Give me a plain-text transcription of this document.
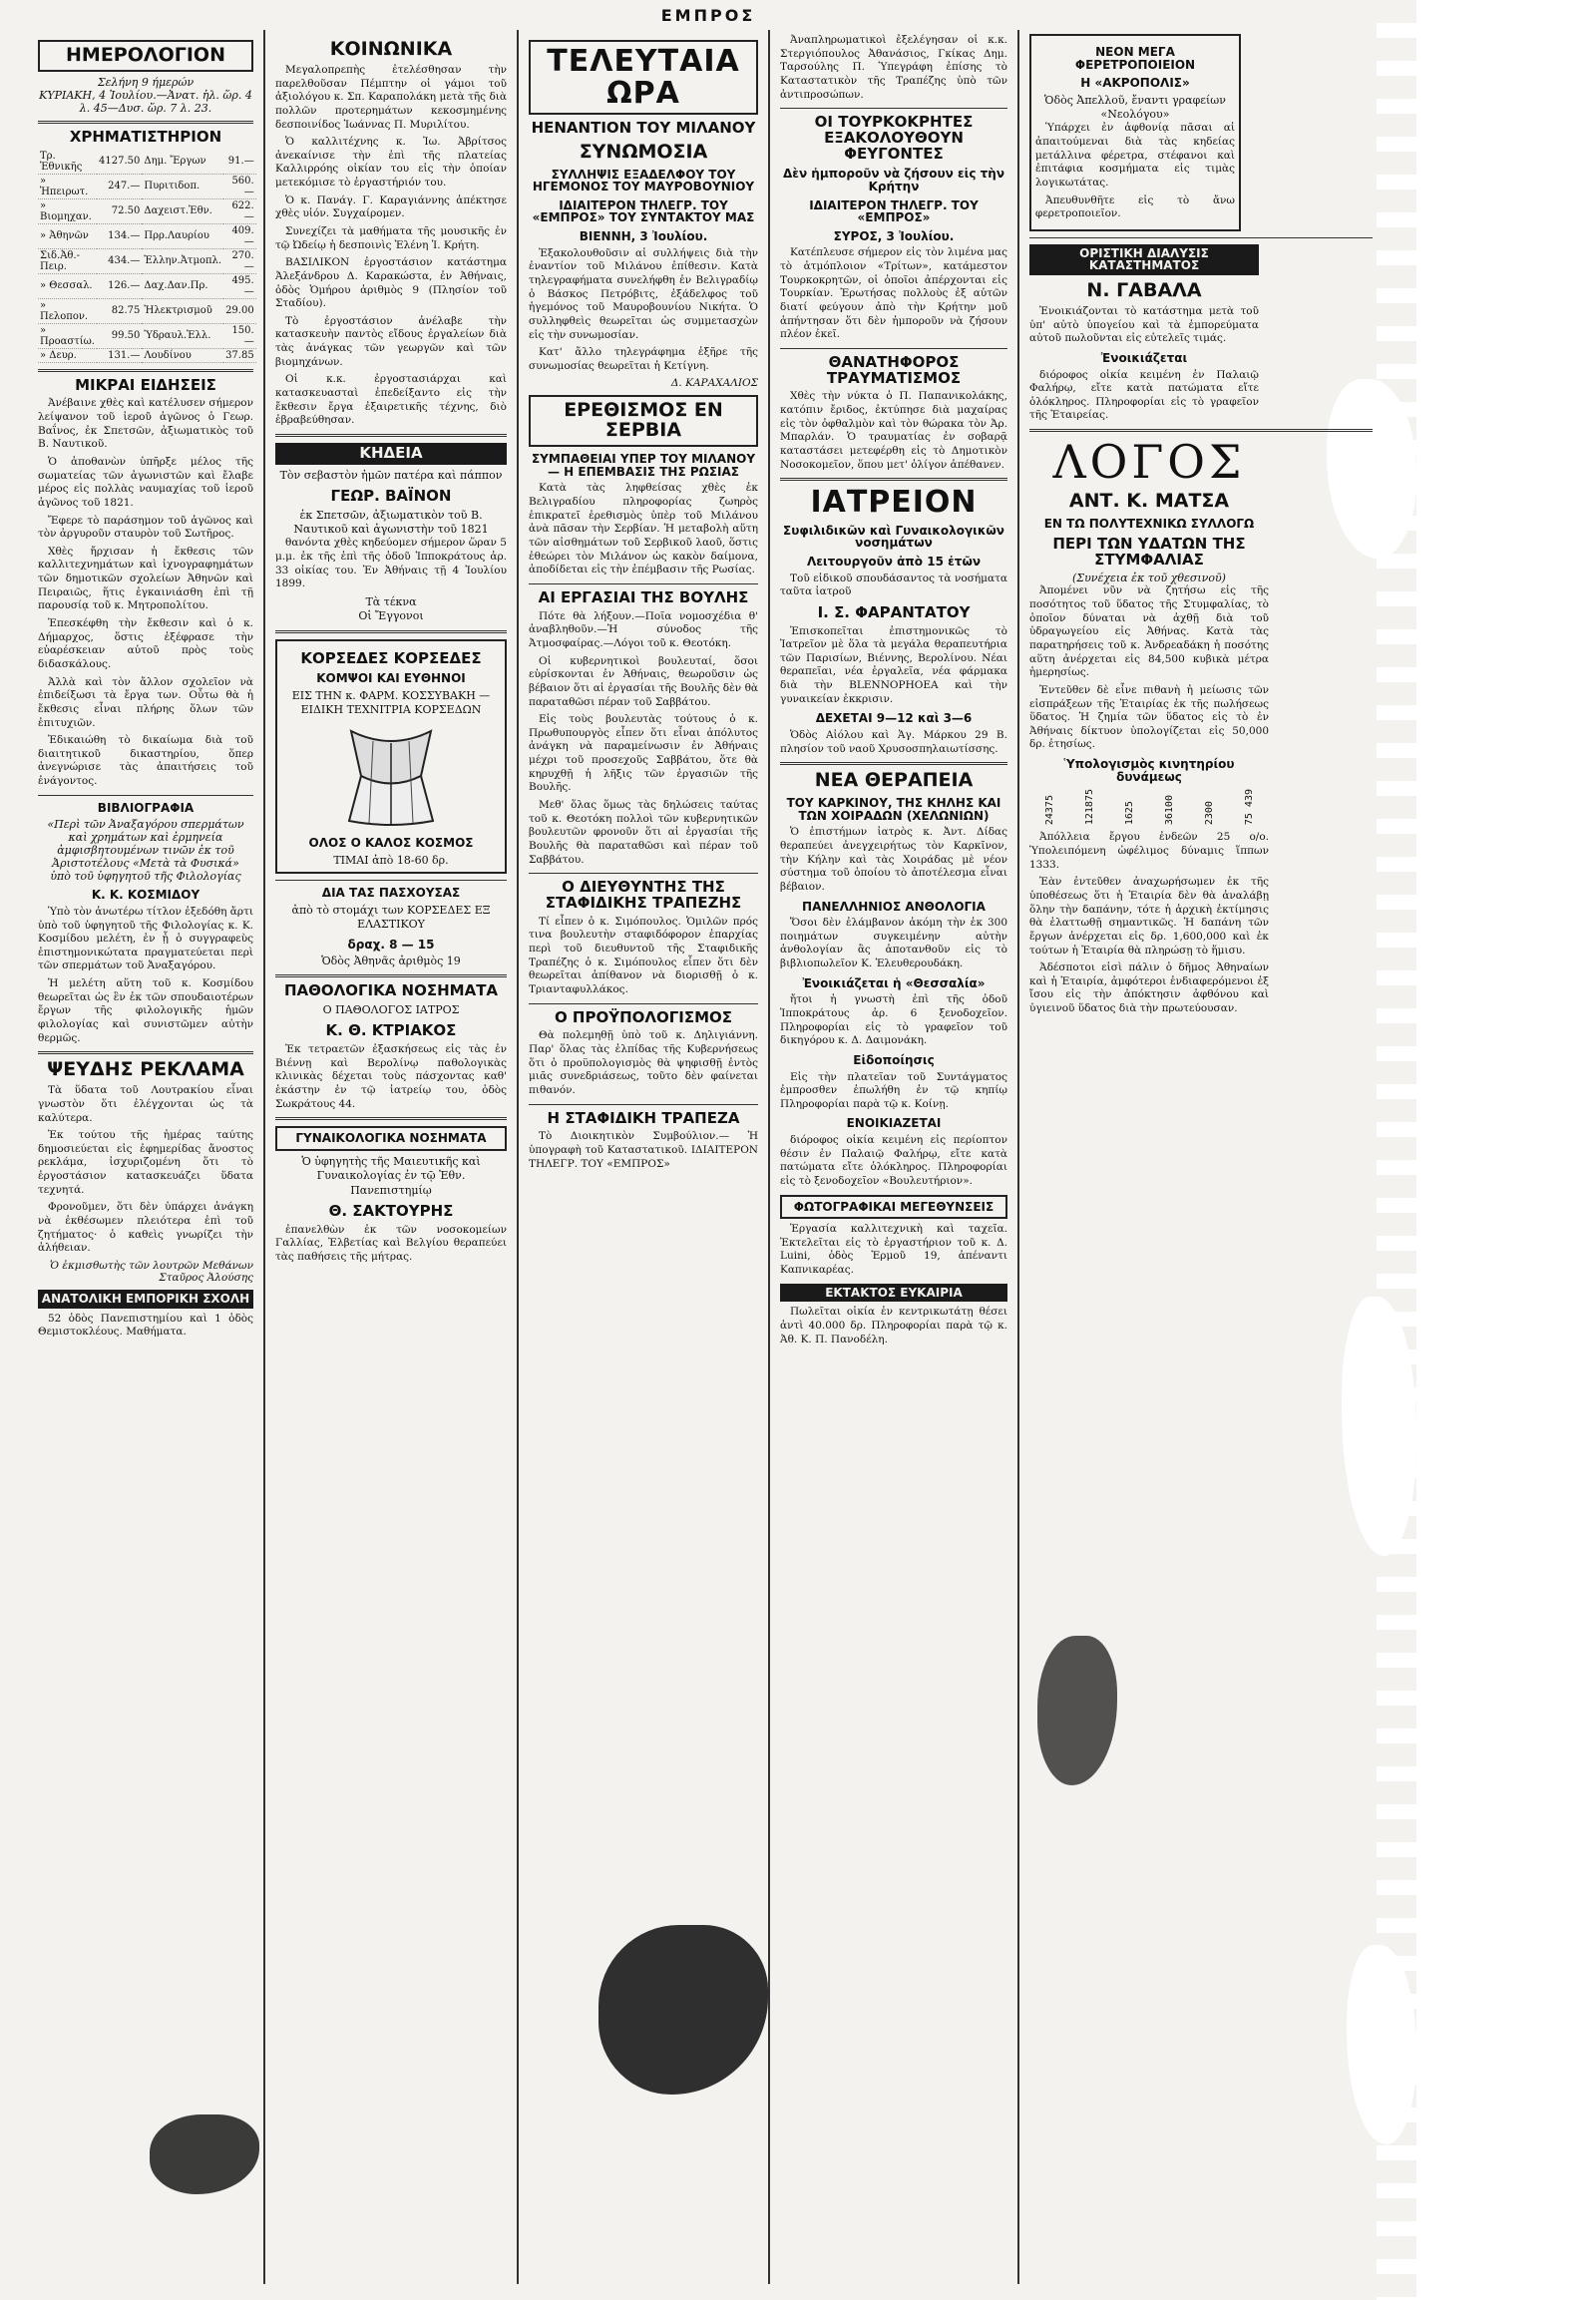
ΕΜΠΡΟΣ
ΗΜΕΡΟΛΟΓΙΟΝ
Σελήνη 9 ήμερών
ΚΥΡΙΑΚΗ, 4 Ἰουλίου.—Ἀνατ. ἡλ. ὥρ. 4 λ. 45—Δυσ. ὥρ. 7 λ. 23.
ΧΡΗΜΑΤΙΣΤΗΡΙΟΝ
Τρ. Ἐθνικῆς	4127.50	Δημ. Ἔργων	91.—
» Ἡπειρωτ.	247.—	Πυριτιδοπ.	560.—
» Βιομηχαν.	72.50	Δαχειστ.Ἐθν.	622.—
» Ἀθηνῶν	134.—	Πρρ.Λαυρίου	409.—
Σιδ.Ἀθ.-Πειρ.	434.—	Ἑλλην.Ἀτμοπλ.	270.—
» Θεσσαλ.	126.—	Δαχ.Δαν.Πρ.	495.—
» Πελοπον.	82.75	Ἠλεκτρισμοῦ	29.00
» Προαστίω.	99.50	Ὑδραυλ.Ἑλλ.	150.—
» Δευρ.	131.—	Λουδίνου	37.85
ΜΙΚΡΑΙ ΕΙΔΗΣΕΙΣ

Ἀνέβαινε χθὲς καὶ κατέλυσεν σήμερον λείψανον τοῦ ἱεροῦ ἀγῶνος ὁ Γεωρ. Βαΐνος, ἐκ Σπετσῶν, ἀξιωματικὸς τοῦ Β. Ναυτικοῦ.

Ὁ ἀποθανὼν ὑπῆρξε μέλος τῆς σωματείας τῶν ἀγωνιστῶν καὶ ἔλαβε μέρος εἰς πολλὰς ναυμαχίας τοῦ ἱεροῦ ἀγῶνος τοῦ 1821.

Ἔφερε τὸ παράσημον τοῦ ἀγῶνος καὶ τὸν ἀργυροῦν σταυρὸν τοῦ Σωτῆρος.

Χθὲς ἤρχισαν ἡ ἔκθεσις τῶν καλλιτεχνημάτων καὶ ἰχνογραφημάτων τῶν δημοτικῶν σχολείων Ἀθηνῶν καὶ Πειραιῶς, ἥτις ἐγκαινιάσθη ἐπὶ τῇ παρουσίᾳ τοῦ κ. Μητροπολίτου.

Ἐπεσκέφθη τὴν ἔκθεσιν καὶ ὁ κ. Δήμαρχος, ὅστις ἐξέφρασε τὴν εὐαρέσκειαν αὐτοῦ πρὸς τοὺς διδασκάλους.

Ἀλλὰ καὶ τὸν ἄλλον σχολεῖον νὰ ἐπιδείξωσι τὰ ἔργα των. Οὗτω θὰ ἡ ἔκθεσις εἶναι πλήρης ὅλων τῶν ἐπιτυχιῶν.

Ἐδικαιώθη τὸ δικαίωμα διὰ τοῦ διαιτητικοῦ δικαστηρίου, ὅπερ ἀνεγνώρισε τὰς ἀπαιτήσεις τοῦ ἐνάγοντος.

ΒΙΒΛΙΟΓΡΑΦΙΑ
«Περὶ τῶν Ἀναξαγόρου σπερμάτων καὶ χρημάτων καὶ ἑρμηνεία ἀμφισβητουμένων τινῶν ἐκ τοῦ Ἀριστοτέλους «Μετὰ τὰ Φυσικά»
ὑπὸ τοῦ ὑφηγητοῦ τῆς Φιλολογίας
Κ. Κ. ΚΟΣΜΙΔΟΥ

Ὑπὸ τὸν ἀνωτέρω τίτλον ἐξεδόθη ἄρτι ὑπὸ τοῦ ὑφηγητοῦ τῆς Φιλολογίας κ. Κ. Κοσμίδου μελέτη, ἐν ᾗ ὁ συγγραφεὺς ἐπιστημονικώτατα πραγματεύεται περὶ τῶν σπερμάτων τοῦ Ἀναξαγόρου.

Ἡ μελέτη αὕτη τοῦ κ. Κοσμίδου θεωρεῖται ὡς ἓν ἐκ τῶν σπουδαιοτέρων ἔργων τῆς φιλολογικῆς ἡμῶν φιλολογίας καὶ συνιστῶμεν αὐτὴν θερμῶς.

ΨΕΥΔΗΣ ΡΕΚΛΑΜΑ

Τὰ ὕδατα τοῦ Λουτρακίου εἶναι γνωστὸν ὅτι ἐλέγχονται ὡς τὰ καλύτερα.

Ἐκ τούτου τῆς ἡμέρας ταύτης δημοσιεύεται εἰς ἐφημερίδας ἄνοστος ρεκλάμα, ἰσχυριζομένη ὅτι τὸ ἐργοστάσιον κατασκευάζει ὕδατα τεχνητά.

Φρονοῦμεν, ὅτι δὲν ὑπάρχει ἀνάγκη νὰ ἐκθέσωμεν πλειότερα ἐπὶ τοῦ ζητήματος· ὁ καθεὶς γνωρίζει τὴν ἀλήθειαν.

Ὁ ἐκμισθωτὴς τῶν λουτρῶν Μεθάνων Σταῦρος Ἀλούσης
ΑΝΑΤΟΛΙΚΗ ΕΜΠΟΡΙΚΗ ΣΧΟΛΗ

52 ὁδὸς Πανεπιστημίου καὶ 1 ὁδὸς Θεμιστοκλέους. Μαθήματα.

ΚΟΙΝΩΝΙΚΑ

Μεγαλοπρεπὴς ἐτελέσθησαν τὴν παρελθοῦσαν Πέμπτην οἱ γάμοι τοῦ ἀξιολόγου κ. Σπ. Καραπολάκη μετὰ τῆς διὰ πολλῶν προτερημάτων κεκοσμημένης δεσποινίδος Ἰωάννας Π. Μυριλίτου.

Ὁ καλλιτέχνης κ. Ἰω. Ἀβρίτσος ἀνεκαίνισε τὴν ἐπὶ τῆς πλατείας Καλλιρρόης οἰκίαν του εἰς τὴν ὁποίαν μετεκόμισε τὸ ἐργαστήριόν του.

Ὁ κ. Πανάγ. Γ. Καραγιάννης ἀπέκτησε χθὲς υἱόν. Συγχαίρομεν.

Συνεχίζει τὰ μαθήματα τῆς μουσικῆς ἐν τῷ Ὠδείῳ ἡ δεσποινὶς Ἑλένη Ἰ. Κρήτη.

ΒΑΣΙΛΙΚΟΝ ἐργοστάσιον κατάστημα Ἀλεξάνδρου Δ. Καρακώστα, ἐν Ἀθήναις, ὁδὸς Ὁμήρου ἀριθμὸς 9 (Πλησίον τοῦ Σταδίου).

Τὸ ἐργοστάσιον ἀνέλαβε τὴν κατασκευὴν παντὸς εἴδους ἐργαλείων διὰ τὰς ἀνάγκας τῶν γεωργῶν καὶ τῶν βιομηχάνων.

Οἱ κ.κ. ἐργοστασιάρχαι καὶ κατασκευασταὶ ἐπεδείξαντο εἰς τὴν ἔκθεσιν ἔργα ἐξαιρετικῆς τέχνης, διὸ ἐβραβεύθησαν.

ΚΗΔΕΙΑ
Τὸν σεβαστὸν ἡμῶν πατέρα καὶ πάππον
ΓΕΩΡ. ΒΑΪΝΟΝ
ἐκ Σπετσῶν, ἀξιωματικὸν τοῦ Β. Ναυτικοῦ καὶ ἀγωνιστὴν τοῦ 1821

θανόντα χθὲς κηδεύομεν σήμερον ὥραν 5 μ.μ. ἐκ τῆς ἐπὶ τῆς ὁδοῦ Ἱπποκράτους ἀρ. 33 οἰκίας του. Ἐν Ἀθήναις τῇ 4 Ἰουλίου 1899.

Τὰ τέκνα
Οἱ Ἔγγονοι
ΚΟΡΣΕΔΕΣ ΚΟΡΣΕΔΕΣ
ΚΟΜΨΟΙ ΚΑΙ ΕΥΘΗΝΟΙ
ΕΙΣ ΤΗΝ κ. ΦΑΡΜ. ΚΟΣΣΥΒΑΚΗ — ΕΙΔΙΚΗ ΤΕΧΝΙΤΡΙΑ ΚΟΡΣΕΔΩΝ
ΟΛΟΣ Ο ΚΑΛΟΣ ΚΟΣΜΟΣ
ΤΙΜΑΙ ἀπὸ 18-60 δρ.
ΔΙΑ ΤΑΣ ΠΑΣΧΟΥΣΑΣ
ἀπὸ τὸ στομάχι των ΚΟΡΣΕΔΕΣ ΕΞ ΕΛΑΣΤΙΚΟΥ
δραχ. 8 — 15
Ὁδὸς Ἀθηνᾶς ἀριθμὸς 19
ΠΑΘΟΛΟΓΙΚΑ ΝΟΣΗΜΑΤΑ
Ο ΠΑΘΟΛΟΓΟΣ ΙΑΤΡΟΣ
Κ. Θ. ΚΤΡΙΑΚΟΣ

Ἐκ τετραετῶν ἐξασκήσεως εἰς τὰς ἐν Βιέννῃ καὶ Βερολίνῳ παθολογικὰς κλινικὰς δέχεται τοὺς πάσχοντας καθ' ἑκάστην ἐν τῷ ἰατρείῳ του, ὁδὸς Σωκράτους 44.

ΓΥΝΑΙΚΟΛΟΓΙΚΑ ΝΟΣΗΜΑΤΑ
Ὁ ὑφηγητὴς τῆς Μαιευτικῆς καὶ Γυναικολογίας ἐν τῷ Ἐθν. Πανεπιστημίῳ
Θ. ΣΑΚΤΟΥΡΗΣ

ἐπανελθὼν ἐκ τῶν νοσοκομείων Γαλλίας, Ἑλβετίας καὶ Βελγίου θεραπεύει τὰς παθήσεις τῆς μήτρας.

ΤΕΛΕΥΤΑΙΑ ΩΡΑ
ΗΕΝΑΝΤΙΟΝ ΤΟΥ ΜΙΛΑΝΟΥ
ΣΥΝΩΜΟΣΙΑ
ΣΥΛΛΗΨΙΣ ΕΞΑΔΕΛΦΟΥ ΤΟΥ ΗΓΕΜΟΝΟΣ ΤΟΥ ΜΑΥΡΟΒΟΥΝΙΟΥ
ΙΔΙΑΙΤΕΡΟΝ ΤΗΛΕΓΡ. ΤΟΥ «ΕΜΠΡΟΣ» ΤΟΥ ΣΥΝΤΑΚΤΟΥ ΜΑΣ
ΒΙΕΝΝΗ, 3 Ἰουλίου.

Ἐξακολουθοῦσιν αἱ συλλήψεις διὰ τὴν ἐναντίον τοῦ Μιλάνου ἐπίθεσιν. Κατὰ τηλεγραφήματα συνελήφθη ἐν Βελιγραδίῳ ὁ Βάσκος Πετρόβιτς, ἐξάδελφος τοῦ ἡγεμόνος τοῦ Μαυροβουνίου Νικήτα. Ὁ συλληφθεὶς θεωρεῖται ὡς συμμετασχὼν εἰς τὴν συνωμοσίαν.

Κατ' ἄλλο τηλεγράφημα ἐξῆρε τῆς συνωμοσίας θεωρεῖται ἡ Κετίγνη.

Δ. ΚΑΡΑΧΑΛΙΟΣ
ΕΡΕΘΙΣΜΟΣ ΕΝ ΣΕΡΒΙΑ
ΣΥΜΠΑΘΕΙΑΙ ΥΠΕΡ ΤΟΥ ΜΙΛΑΝΟΥ — Η ΕΠΕΜΒΑΣΙΣ ΤΗΣ ΡΩΣΙΑΣ

Κατὰ τὰς ληφθείσας χθὲς ἐκ Βελιγραδίου πληροφορίας ζωηρὸς ἐπικρατεῖ ἐρεθισμὸς ὑπὲρ τοῦ Μιλάνου ἀνὰ πᾶσαν τὴν Σερβίαν. Ἡ μεταβολὴ αὕτη τῶν αἰσθημάτων τοῦ Σερβικοῦ λαοῦ, ὅστις ἐθεώρει τὸν Μιλάνον ὡς κακὸν δαίμονα, ἀποδίδεται εἰς τὴν ἐπέμβασιν τῆς Ρωσίας.

ΑΙ ΕΡΓΑΣΙΑΙ ΤΗΣ ΒΟΥΛΗΣ

Πότε θὰ λήξουν.—Ποῖα νομοσχέδια θ' ἀναβληθοῦν.—Ἡ σύνοδος τῆς Ἀτμοσφαίρας.—Λόγοι τοῦ κ. Θεοτόκη.

Οἱ κυβερνητικοὶ βουλευταί, ὅσοι εὑρίσκονται ἐν Ἀθήναις, θεωροῦσιν ὡς βέβαιον ὅτι αἱ ἐργασίαι τῆς Βουλῆς δὲν θὰ παραταθῶσι πέραν τοῦ Σαββάτου.

Εἰς τοὺς βουλευτὰς τούτους ὁ κ. Πρωθυπουργὸς εἶπεν ὅτι εἶναι ἀπόλυτος ἀνάγκη νὰ παραμείνωσιν ἐν Ἀθήναις μέχρι τοῦ προσεχοῦς Σαββάτου, ὅτε θὰ κηρυχθῇ ἡ λῆξις τῶν ἐργασιῶν τῆς Βουλῆς.

Μεθ' ὅλας ὅμως τὰς δηλώσεις ταύτας τοῦ κ. Θεοτόκη πολλοὶ τῶν κυβερνητικῶν βουλευτῶν φρονοῦν ὅτι αἱ ἐργασίαι τῆς Βουλῆς θὰ παραταθῶσι καὶ πέραν τοῦ Σαββάτου.

Ο ΔΙΕΥΘΥΝΤΗΣ ΤΗΣ ΣΤΑΦΙΔΙΚΗΣ ΤΡΑΠΕΖΗΣ

Τί εἶπεν ὁ κ. Σιμόπουλος. Ὁμιλῶν πρός τινα βουλευτὴν σταφιδόφορον ἐπαρχίας περὶ τοῦ διευθυντοῦ τῆς Σταφιδικῆς Τραπέζης ὁ κ. Σιμόπουλος εἶπεν ὅτι δὲν θεωρεῖται ἀπίθανον νὰ διορισθῇ ὁ κ. Τριανταφυλλάκος.

Ο ΠΡΟΫΠΟΛΟΓΙΣΜΟΣ

Θὰ πολεμηθῇ ὑπὸ τοῦ κ. Δηλιγιάννη. Παρ' ὅλας τὰς ἐλπίδας τῆς Κυβερνήσεως ὅτι ὁ προϋπολογισμὸς θὰ ψηφισθῇ ἐντὸς μιᾶς συνεδριάσεως, τοῦτο δὲν φαίνεται πιθανόν.

Η ΣΤΑΦΙΔΙΚΗ ΤΡΑΠΕΖΑ

Τὸ Διοικητικὸν Συμβούλιον.— Ἡ ὑπογραφὴ τοῦ Καταστατικοῦ. ΙΔΙΑΙΤΕΡΟΝ ΤΗΛΕΓΡ. ΤΟΥ «ΕΜΠΡΟΣ»

Ἀναπληρωματικοὶ ἐξελέγησαν οἱ κ.κ. Στεργιόπουλος Ἀθανάσιος, Γκίκας Δημ. Ταρσούλης Π. Ὑπεγράφη ἐπίσης τὸ Καταστατικὸν τῆς Τραπέζης ὑπὸ τῶν ἀντιπροσώπων.

ΟΙ ΤΟΥΡΚΟΚΡΗΤΕΣ ΕΞΑΚΟΛΟΥΘΟΥΝ ΦΕΥΓΟΝΤΕΣ
Δὲν ἠμποροῦν νὰ ζήσουν εἰς τὴν Κρήτην
ΙΔΙΑΙΤΕΡΟΝ ΤΗΛΕΓΡ. ΤΟΥ «ΕΜΠΡΟΣ»
ΣΥΡΟΣ, 3 Ἰουλίου.

Κατέπλευσε σήμερον εἰς τὸν λιμένα μας τὸ ἀτμόπλοιον «Τρίτων», κατάμεστον Τουρκοκρητῶν, οἱ ὁποῖοι ἀπέρχονται εἰς Τουρκίαν. Ἐρωτήσας πολλοὺς ἐξ αὐτῶν διατί φεύγουν ἀπὸ τὴν Κρήτην μοῦ ἀπήντησαν ὅτι δὲν ἠμποροῦν νὰ ζήσουν πλέον ἐκεῖ.

ΘΑΝΑΤΗΦΟΡΟΣ ΤΡΑΥΜΑΤΙΣΜΟΣ

Χθὲς τὴν νύκτα ὁ Π. Παπανικολάκης, κατόπιν ἔριδος, ἐκτύπησε διὰ μαχαίρας εἰς τὸν ὀφθαλμὸν καὶ τὸν θώρακα τὸν Ἀρ. Μπαρλάν. Ὁ τραυματίας ἐν σοβαρᾷ καταστάσει μετεφέρθη εἰς τὸ Δημοτικὸν Νοσοκομεῖον, ὅπου μετ' ὀλίγον ἀπέθανεν.

ΙΑΤΡΕΙΟΝ
Συφιλιδικῶν καὶ Γυναικολογικῶν νοσημάτων
Λειτουργοῦν ἀπὸ 15 ἐτῶν

Τοῦ εἰδικοῦ σπουδάσαντος τὰ νοσήματα ταῦτα ἰατροῦ

Ι. Σ. ΦΑΡΑΝΤΑΤΟΥ

Ἐπισκοπεῖται ἐπιστημονικῶς τὸ Ἰατρεῖον μὲ ὅλα τὰ μεγάλα θεραπευτήρια τῶν Παρισίων, Βιέννης, Βερολίνου. Νέαι θεραπεῖαι, νέα ἐργαλεῖα, νέα φάρμακα διὰ τὴν BLENNOPHOEA καὶ τὴν γυναικείαν ἐκκρισιν.

ΔΕΧΕΤΑΙ 9—12 καὶ 3—6

Ὁδὸς Αἰόλου καὶ Ἁγ. Μάρκου 29 Β. πλησίον τοῦ ναοῦ Χρυσοσπηλαιωτίσσης.

ΝΕΑ ΘΕΡΑΠΕΙΑ
ΤΟΥ ΚΑΡΚΙΝΟΥ, ΤΗΣ ΚΗΛΗΣ ΚΑΙ ΤΩΝ ΧΟΙΡΑΔΩΝ (ΧΕΛΩΝΙΩΝ)

Ὁ ἐπιστήμων ἰατρὸς κ. Ἀντ. Δίδας θεραπεύει ἀνεγχειρήτως τὸν Καρκῖνον, τὴν Κήλην καὶ τὰς Χοιράδας μὲ νέον σύστημα τοῦ ὁποίου τὸ ἀποτέλεσμα εἶναι βέβαιον.

ΠΑΝΕΛΛΗΝΙΟΣ ΑΝΘΟΛΟΓΙΑ

Ὅσοι δὲν ἐλάμβανον ἀκόμη τὴν ἐκ 300 ποιημάτων συγκειμένην αὐτὴν ἀνθολογίαν ἂς ἀποτανθοῦν εἰς τὸ βιβλιοπωλεῖον Κ. Ἐλευθερουδάκη.

Ἐνοικιάζεται ἡ «Θεσσαλία»

ἤτοι ἡ γνωστὴ ἐπὶ τῆς ὁδοῦ Ἱπποκράτους ἀρ. 6 ξενοδοχεῖον. Πληροφορίαι εἰς τὸ γραφεῖον τοῦ δικηγόρου κ. Δ. Δαιμονάκη.

Εἰδοποίησις

Εἰς τὴν πλατεῖαν τοῦ Συντάγματος ἐμπροσθεν ἐπωλήθη ἐν τῷ κηπίῳ Πληροφορίαι παρὰ τῷ κ. Κοίνῃ.

ΕΝΟΙΚΙΑΖΕΤΑΙ

διόροφος οἰκία κειμένη εἰς περίοπτον θέσιν ἐν Παλαιῷ Φαλήρῳ, εἴτε κατὰ πατώματα εἴτε ὁλόκληρος. Πληροφορίαι εἰς τὸ ξενοδοχεῖον «Βουλευτήριον».

ΦΩΤΟΓΡΑΦΙΚΑΙ ΜΕΓΕΘΥΝΣΕΙΣ

Ἐργασία καλλιτεχνικὴ καὶ ταχεῖα. Ἐκτελεῖται εἰς τὸ ἐργαστήριον τοῦ κ. Δ. Luini, ὁδὸς Ἑρμοῦ 19, ἀπέναντι Καπνικαρέας.

ΕΚΤΑΚΤΟΣ ΕΥΚΑΙΡΙΑ

Πωλεῖται οἰκία ἐν κεντρικωτάτῃ θέσει ἀντὶ 40.000 δρ. Πληροφορίαι παρὰ τῷ κ. Ἀθ. Κ. Π. Πανοδέλη.

ΝΕΟΝ ΜΕΓΑ ΦΕΡΕΤΡΟΠΟΙΕΙΟΝ
Η «ΑΚΡΟΠΟΛΙΣ»
Ὁδὸς Ἀπελλοῦ, ἔναντι γραφείων «Νεολόγου»

Ὑπάρχει ἐν ἀφθονίᾳ πᾶσαι αἱ ἀπαιτούμεναι διὰ τὰς κηδείας μετάλλινα φέρετρα, στέφανοι καὶ ἐπιτάφια κοσμήματα εἰς τιμὰς λογικωτάτας.

Ἀπευθυνθῆτε εἰς τὸ ἄνω φερετροποιεῖον.

ΟΡΙΣΤΙΚΗ ΔΙΑΛΥΣΙΣ ΚΑΤΑΣΤΗΜΑΤΟΣ
Ν. ΓΑΒΑΛΑ

Ἐνοικιάζονται τὸ κατάστημα μετὰ τοῦ ὑπ' αὐτὸ ὑπογείου καὶ τὰ ἐμπορεύματα αὐτοῦ πωλοῦνται εἰς εὐτελεῖς τιμάς.

Ἐνοικιάζεται

διόροφος οἰκία κειμένη ἐν Παλαιῷ Φαλήρῳ, εἴτε κατὰ πατώματα εἴτε ὁλόκληρος. Πληροφορίαι εἰς τὸ γραφεῖον τῆς Ἐταιρείας.

ΛΟΓΟΣ
ΑΝΤ. Κ. ΜΑΤΣΑ
ΕΝ ΤΩ ΠΟΛΥΤΕΧΝΙΚΩ ΣΥΛΛΟΓΩ
ΠΕΡΙ ΤΩΝ ΥΔΑΤΩΝ ΤΗΣ ΣΤΥΜΦΑΛΙΑΣ
(Συνέχεια ἐκ τοῦ χθεσινοῦ)

Ἀπομένει νῦν νὰ ζητήσω εἰς τῆς ποσότητος τοῦ ὕδατος τῆς Στυμφαλίας, τὸ ὁποῖον δύναται νὰ ἀχθῇ διὰ τοῦ ὑδραγωγείου εἰς Ἀθήνας. Κατὰ τὰς παρατηρήσεις τοῦ κ. Ἀνδρεαδάκη ἡ ποσότης αὕτη ἀνέρχεται εἰς 84,500 κυβικὰ μέτρα ἡμερησίως.

Ἐντεῦθεν δὲ εἶνε πιθανὴ ἡ μείωσις τῶν εἰσπράξεων τῆς Ἑταιρίας ἐκ τῆς πωλήσεως ὕδατος. Ἡ ζημία τῶν ὕδατος εἰς τὸ ἐν Ἀθήναις δίκτυον ὑπολογίζεται εἰς 50,000 δρ. ἐτησίως.

Ὑπολογισμὸς κινητηρίου δυνάμεως
24375	121875	1625	36100	2300	75 439

Ἀπόλλεια ἔργου ἐνδεῶν 25 ο/ο. Ὑπολειπόμενη ὠφέλιμος δύναμις ἵππων 1333.

Ἐὰν ἐντεῦθεν ἀναχωρήσωμεν ἐκ τῆς ὑποθέσεως ὅτι ἡ Ἑταιρία δὲν θὰ ἀναλάβῃ ὅλην τὴν δαπάνην, τότε ἡ ἀρχικὴ ἐκτίμησις θὰ ἐλαττωθῇ σημαντικῶς. Ἡ δαπάνη τῶν ἔργων ἀνέρχεται εἰς δρ. 1,600,000 καὶ ἐκ τούτων ἡ Ἑταιρία θὰ πληρώσῃ τὸ ἥμισυ.

Ἀδέσποτοι εἰσὶ πάλιν ὁ δῆμος Ἀθηναίων καὶ ἡ Ἑταιρία, ἀμφότεροι ἐνδιαφερόμενοι ἐξ ἴσου εἰς τὴν ἀπόκτησιν ἀφθόνου καὶ ὑγιεινοῦ ὕδατος διὰ τὴν πρωτεύουσαν.
